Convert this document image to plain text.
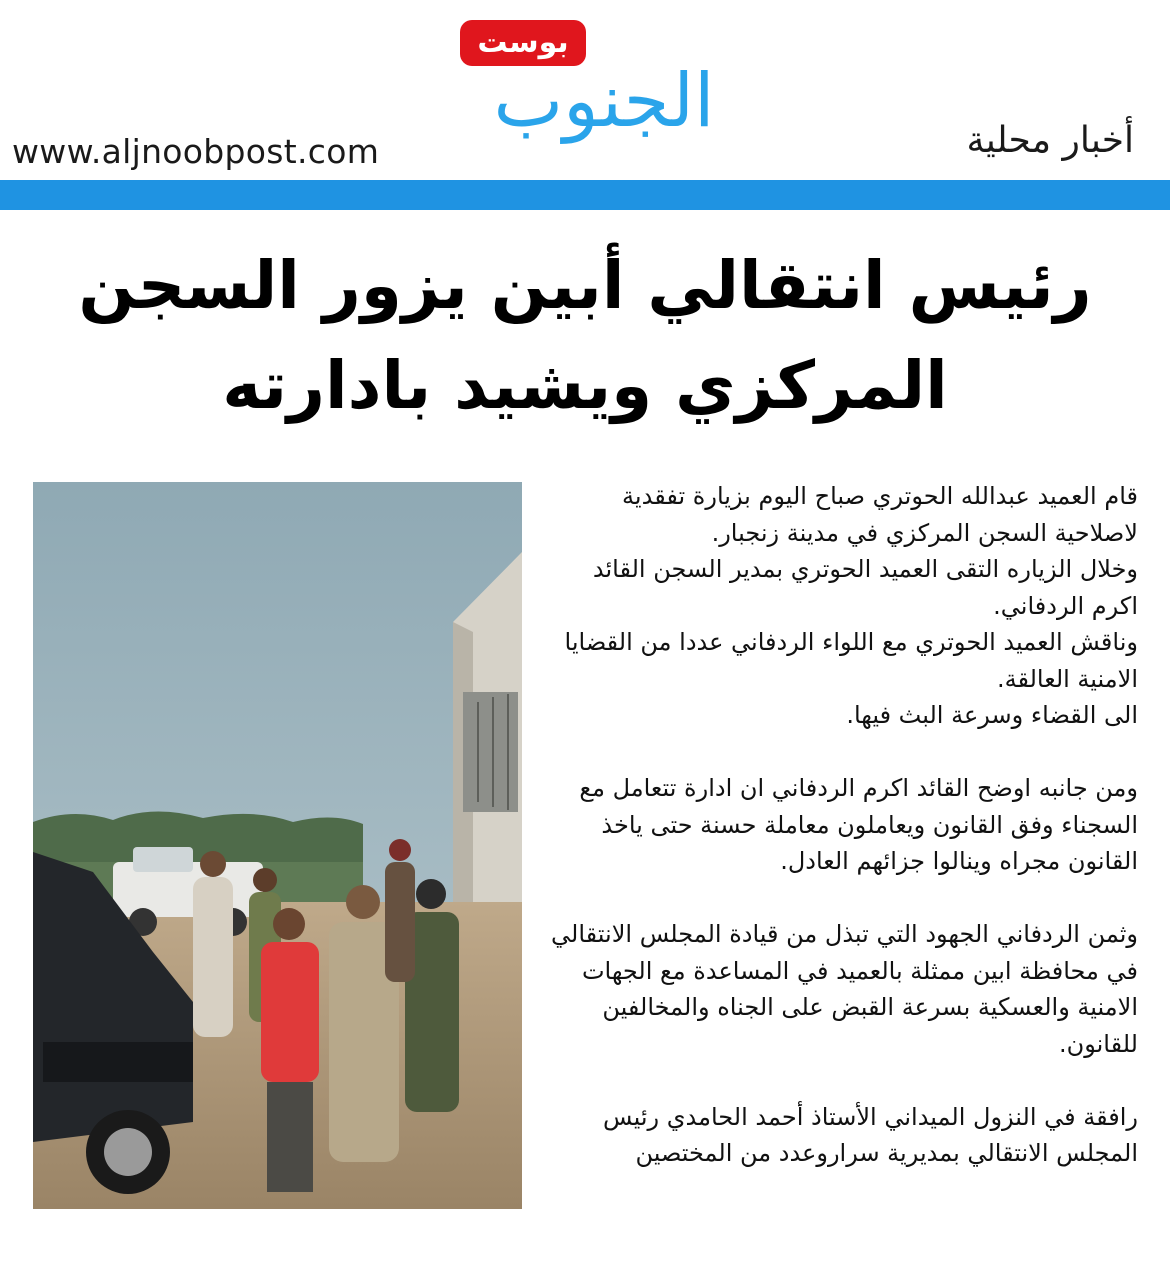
بوست
الجنوب
www.aljnoobpost.com	أخبار محلية
رئيس انتقالي أبين يزور السجن
المركزي ويشيد بادارته
قام العميد عبدالله الحوتري صباح اليوم بزيارة تفقدية
لاصلاحية السجن المركزي في مدينة زنجبار.
وخلال الزياره التقى العميد الحوتري بمدير السجن القائد
اكرم الردفاني.
وناقش العميد الحوتري مع اللواء الردفاني عددا من القضايا
الامنية العالقة.
الى القضاء وسرعة البث فيها.
ومن جانبه اوضح القائد اكرم الردفاني ان ادارة تتعامل مع
السجناء وفق القانون ويعاملون معاملة حسنة حتى ياخذ
القانون مجراه وينالوا جزائهم العادل.
وثمن الردفاني الجهود التي تبذل من قيادة المجلس الانتقالي
في محافظة ابين ممثلة بالعميد في المساعدة مع الجهات
الامنية والعسكية بسرعة القبض على الجناه والمخالفين
للقانون.
رافقة في النزول الميداني الأستاذ أحمد الحامدي رئيس
المجلس الانتقالي بمديرية سراروعدد من المختصين
